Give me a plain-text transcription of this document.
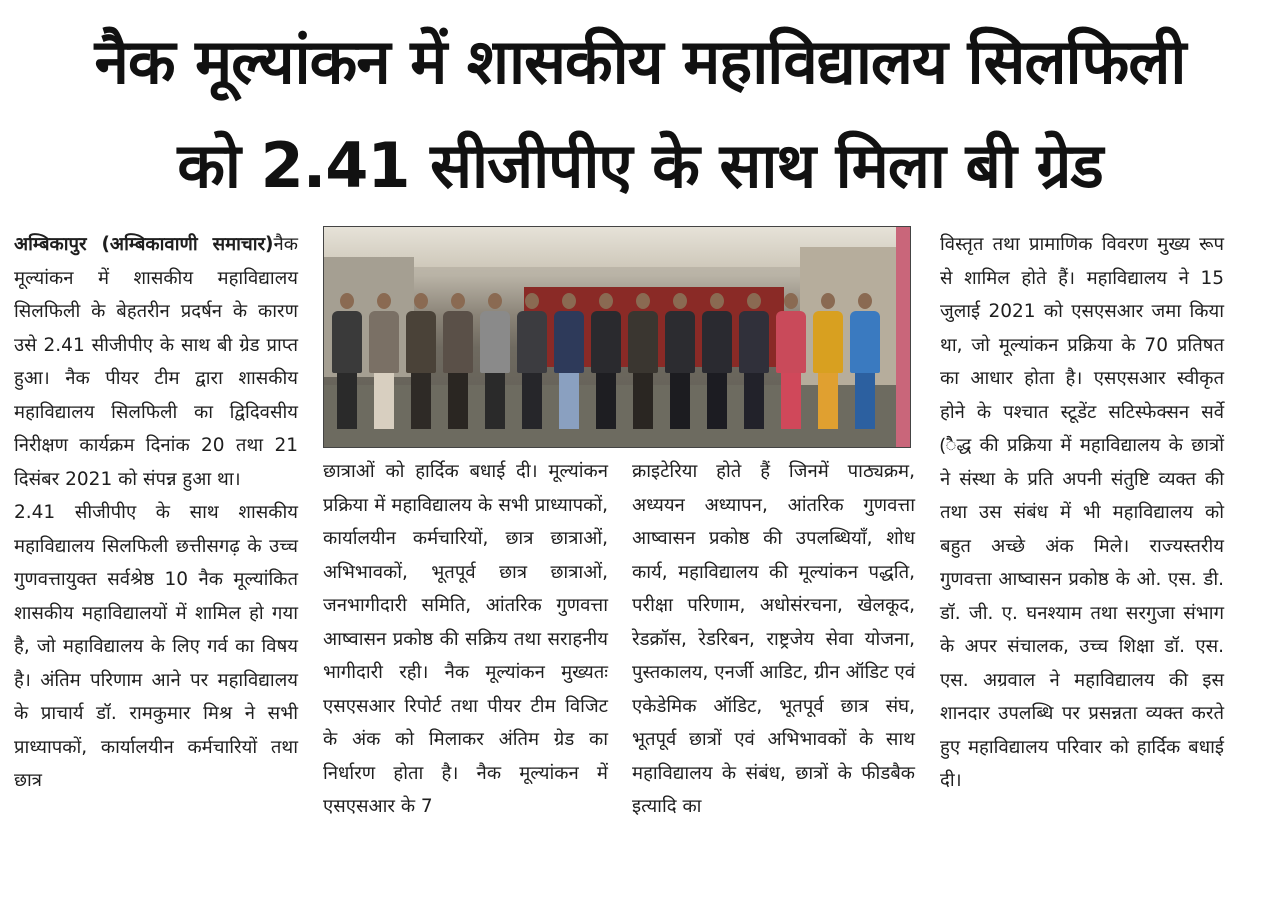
नैक मूल्यांकन में शासकीय महाविद्यालय सिलफिली
को 2.41 सीजीपीए के साथ मिला बी ग्रेड

अम्बिकापुर (अम्बिकावाणी समाचार)नैक मूल्यांकन में शासकीय महाविद्यालय सिलफिली के बेहतरीन प्रदर्षन के कारण उसे 2.41 सीजीपीए के साथ बी ग्रेड प्राप्त हुआ। नैक पीयर टीम द्वारा शासकीय महाविद्यालय सिलफिली का द्विदिवसीय निरीक्षण कार्यक्रम दिनांक 20 तथा 21 दिसंबर 2021 को संपन्न हुआ था।

2.41 सीजीपीए के साथ शासकीय महाविद्यालय सिलफिली छत्तीसगढ़ के उच्च गुणवत्तायुक्त सर्वश्रेष्ठ 10 नैक मूल्यांकित शासकीय महाविद्यालयों में शामिल हो गया है, जो महाविद्यालय के लिए गर्व का विषय है। अंतिम परिणाम आने पर महाविद्यालय के प्राचार्य डॉ. रामकुमार मिश्र ने सभी प्राध्यापकों, कार्यालयीन कर्मचारियों तथा छात्र

छात्राओं को हार्दिक बधाई दी। मूल्यांकन प्रक्रिया में महाविद्यालय के सभी प्राध्यापकों, कार्यालयीन कर्मचारियों, छात्र छात्राओं, अभिभावकों, भूतपूर्व छात्र छात्राओं, जनभागीदारी समिति, आंतरिक गुणवत्ता आष्वासन प्रकोष्ठ की सक्रिय तथा सराहनीय भागीदारी रही। नैक मूल्यांकन मुख्यतः एसएसआर रिपोर्ट तथा पीयर टीम विजिट के अंक को मिलाकर अंतिम ग्रेड का निर्धारण होता है। नैक मूल्यांकन में एसएसआर के 7
क्राइटेरिया होते हैं जिनमें पाठ्यक्रम, अध्ययन अध्यापन, आंतरिक गुणवत्ता आष्वासन प्रकोष्ठ की उपलब्धियाँ, शोध कार्य, महाविद्यालय की मूल्यांकन पद्धति, परीक्षा परिणाम, अधोसंरचना, खेलकूद, रेडक्रॉस, रेडरिबन, राष्ट्रजेय सेवा योजना, पुस्तकालय, एनर्जी आडिट, ग्रीन ऑडिट एवं एकेडेमिक ऑडिट, भूतपूर्व छात्र संघ, भूतपूर्व छात्रों एवं अभिभावकों के साथ महाविद्यालय के संबंध, छात्रों के फीडबैक इत्यादि का
विस्तृत तथा प्रामाणिक विवरण मुख्य रूप से शामिल होते हैं। महाविद्यालय ने 15 जुलाई 2021 को एसएसआर जमा किया था, जो मूल्यांकन प्रक्रिया के 70 प्रतिषत का आधार होता है। एसएसआर स्वीकृत होने के पश्चात स्टूडेंट सटिस्फेक्सन सर्वे (ैैद्ध की प्रक्रिया में महाविद्यालय के छात्रों ने संस्था के प्रति अपनी संतुष्टि व्यक्त की तथा उस संबंध में भी महाविद्यालय को बहुत अच्छे अंक मिले। राज्यस्तरीय गुणवत्ता आष्वासन प्रकोष्ठ के ओ. एस. डी. डॉ. जी. ए. घनश्याम तथा सरगुजा संभाग के अपर संचालक, उच्च शिक्षा डॉ. एस. एस. अग्रवाल ने महाविद्यालय की इस शानदार उपलब्धि पर प्रसन्नता व्यक्त करते हुए महाविद्यालय परिवार को हार्दिक बधाई दी।
